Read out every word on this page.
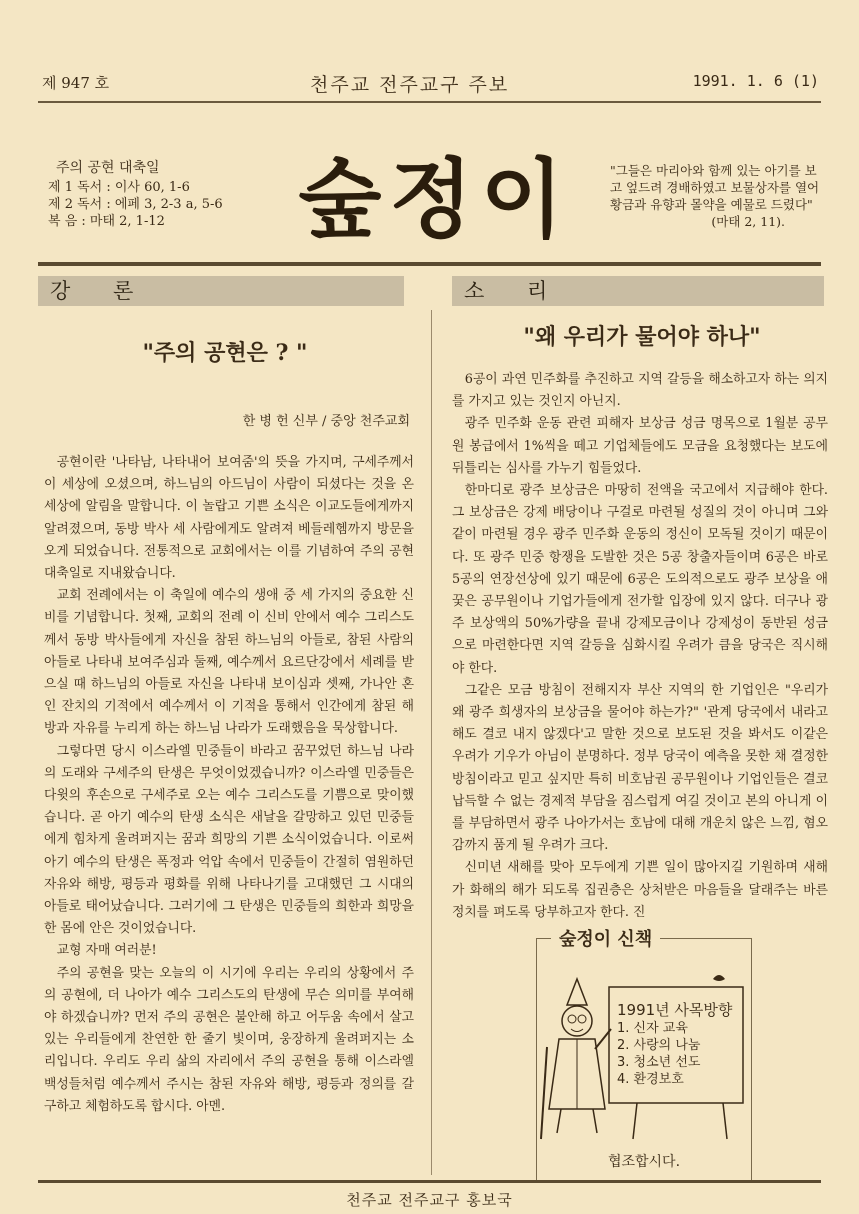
제 947 호	천주교 전주교구 주보	1991. 1. 6 (1)
주의 공현 대축일
제 1 독서 : 이사 60, 1-6
제 2 독서 : 에페 3, 2-3 a, 5-6
복 음 : 마태 2, 1-12	숲정이	"그들은 마리아와 함께 있는 아기를 보고 엎드려 경배하였고 보물상자를 열어 황금과 유향과 몰약을 예물로 드렸다"
(마태 2, 11).
강 론	소 리
"주의 공현은 ? "
한 병 헌 신부 / 중앙 천주교회

공현이란 '나타남, 나타내어 보여줌'의 뜻을 가지며, 구세주께서 이 세상에 오셨으며, 하느님의 아드님이 사람이 되셨다는 것을 온 세상에 알림을 말합니다. 이 놀랍고 기쁜 소식은 이교도들에게까지 알려졌으며, 동방 박사 세 사람에게도 알려져 베들레헴까지 방문을 오게 되었습니다. 전통적으로 교회에서는 이를 기념하여 주의 공현 대축일로 지내왔습니다.

교회 전례에서는 이 축일에 예수의 생애 중 세 가지의 중요한 신비를 기념합니다. 첫째, 교회의 전례 이 신비 안에서 예수 그리스도께서 동방 박사들에게 자신을 참된 하느님의 아들로, 참된 사람의 아들로 나타내 보여주심과 둘째, 예수께서 요르단강에서 세례를 받으실 때 하느님의 아들로 자신을 나타내 보이심과 셋째, 가나안 혼인 잔치의 기적에서 예수께서 이 기적을 통해서 인간에게 참된 해방과 자유를 누리게 하는 하느님 나라가 도래했음을 묵상합니다.

그렇다면 당시 이스라엘 민중들이 바라고 꿈꾸었던 하느님 나라의 도래와 구세주의 탄생은 무엇이었겠습니까? 이스라엘 민중들은 다윗의 후손으로 구세주로 오는 예수 그리스도를 기쁨으로 맞이했습니다. 곧 아기 예수의 탄생 소식은 새날을 갈망하고 있던 민중들에게 힘차게 울려퍼지는 꿈과 희망의 기쁜 소식이었습니다. 이로써 아기 예수의 탄생은 폭정과 억압 속에서 민중들이 간절히 염원하던 자유와 해방, 평등과 평화를 위해 나타나기를 고대했던 그 시대의 아들로 태어났습니다. 그러기에 그 탄생은 민중들의 희한과 희망을 한 몸에 안은 것이었습니다.

교형 자매 여러분!

주의 공현을 맞는 오늘의 이 시기에 우리는 우리의 상황에서 주의 공현에, 더 나아가 예수 그리스도의 탄생에 무슨 의미를 부여해야 하겠습니까? 먼저 주의 공현은 불안해 하고 어두움 속에서 살고 있는 우리들에게 찬연한 한 줄기 빛이며, 웅장하게 울려퍼지는 소리입니다. 우리도 우리 삶의 자리에서 주의 공현을 통해 이스라엘 백성들처럼 예수께서 주시는 참된 자유와 해방, 평등과 정의를 갈구하고 체험하도록 합시다. 아멘.

"왜 우리가 물어야 하나"

6공이 과연 민주화를 추진하고 지역 갈등을 해소하고자 하는 의지를 가지고 있는 것인지 아닌지.

광주 민주화 운동 관련 피해자 보상금 성금 명목으로 1월분 공무원 봉급에서 1%씩을 떼고 기업체들에도 모금을 요청했다는 보도에 뒤틀리는 심사를 가누기 힘들었다.

한마디로 광주 보상금은 마땅히 전액을 국고에서 지급해야 한다. 그 보상금은 강제 배당이나 구걸로 마련될 성질의 것이 아니며 그와 같이 마련될 경우 광주 민주화 운동의 정신이 모독될 것이기 때문이다. 또 광주 민중 항쟁을 도발한 것은 5공 창출자들이며 6공은 바로 5공의 연장선상에 있기 때문에 6공은 도의적으로도 광주 보상을 애꿎은 공무원이나 기업가들에게 전가할 입장에 있지 않다. 더구나 광주 보상액의 50%가량을 끝내 강제모금이나 강제성이 동반된 성금으로 마련한다면 지역 갈등을 심화시킬 우려가 큼을 당국은 직시해야 한다.

그같은 모금 방침이 전해지자 부산 지역의 한 기업인은 "우리가 왜 광주 희생자의 보상금을 물어야 하는가?" '관계 당국에서 내라고 해도 결코 내지 않겠다'고 말한 것으로 보도된 것을 봐서도 이같은 우려가 기우가 아님이 분명하다. 정부 당국이 예측을 못한 채 결정한 방침이라고 믿고 싶지만 특히 비호남권 공무원이나 기업인들은 결코 납득할 수 없는 경제적 부담을 짐스럽게 여길 것이고 본의 아니게 이를 부담하면서 광주 나아가서는 호남에 대해 개운치 않은 느낌, 혐오감까지 품게 될 우려가 크다.

신미년 새해를 맞아 모두에게 기쁜 일이 많아지길 기원하며 새해가 화해의 해가 되도록 집권층은 상처받은 마음들을 달래주는 바른 정치를 펴도록 당부하고자 한다. 진

숲정이 신책
1991년 사목방향
1. 신자 교육
2. 사랑의 나눔
3. 청소년 선도
4. 환경보호
협조합시다.
천주교 전주교구 홍보국
